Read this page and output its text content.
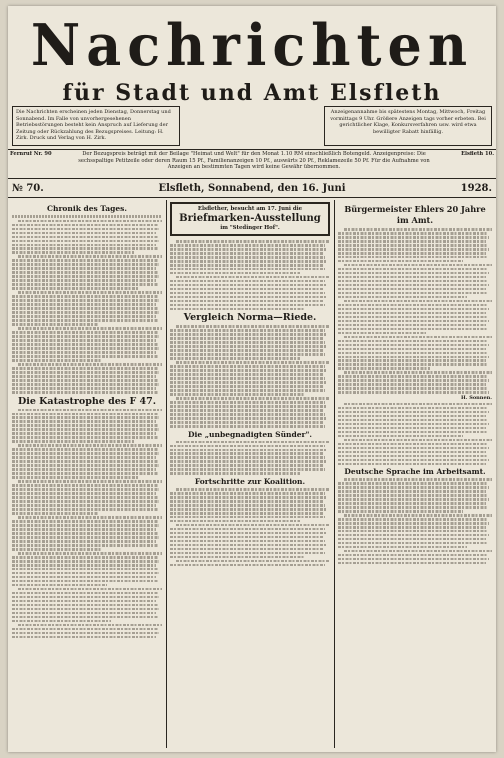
Nachrichten
für Stadt und Amt Elsfleth
Die Nachrichten erscheinen jeden Dienstag, Donnerstag und Sonnabend. Im Falle von unvorhergesehenen Betriebsstörungen besteht kein Anspruch auf Lieferung der Zeitung oder Rückzahlung des Bezugspreises. Leitung: H. Zirk. Druck und Verlag von H. Zirk.
Anzeigenannahme bis spätestens Montag, Mittwoch, Freitag vormittags 9 Uhr. Größere Anzeigen tags vorher erbeten. Bei gerichtlicher Klage, Konkursverfahren usw. wird etwa bewilligter Rabatt hinfällig.
Fernruf Nr. 90	Der Bezugspreis beträgt mit der Beilage "Heimat und Welt" für den Monat 1.10 RM einschließlich Botengeld. Anzeigenpreise: Die sechsspaltige Petitzeile oder deren Raum 15 Pf., Familienanzeigen 10 Pf., auswärts 20 Pf., Reklamezeile 50 Pf. Für die Aufnahme von Anzeigen an bestimmten Tagen wird keine Gewähr übernommen.
Elsfleth 10.
№ 70.	Elsfleth, Sonnabend, den 16. Juni	1928.
Chronik des Tages.
Die Katastrophe des F 47.
Elsflether, besucht am 17. Juni die
Briefmarken-Ausstellung
im "Stedinger Hof".
Vergleich Norma—Riede.
Die „unbegnadigten Sünder".
Fortschritte zur Koalition.
Bürgermeister Ehlers 20 Jahre im Amt.
H. Sonnen.
Deutsche Sprache im Arbeitsamt.
